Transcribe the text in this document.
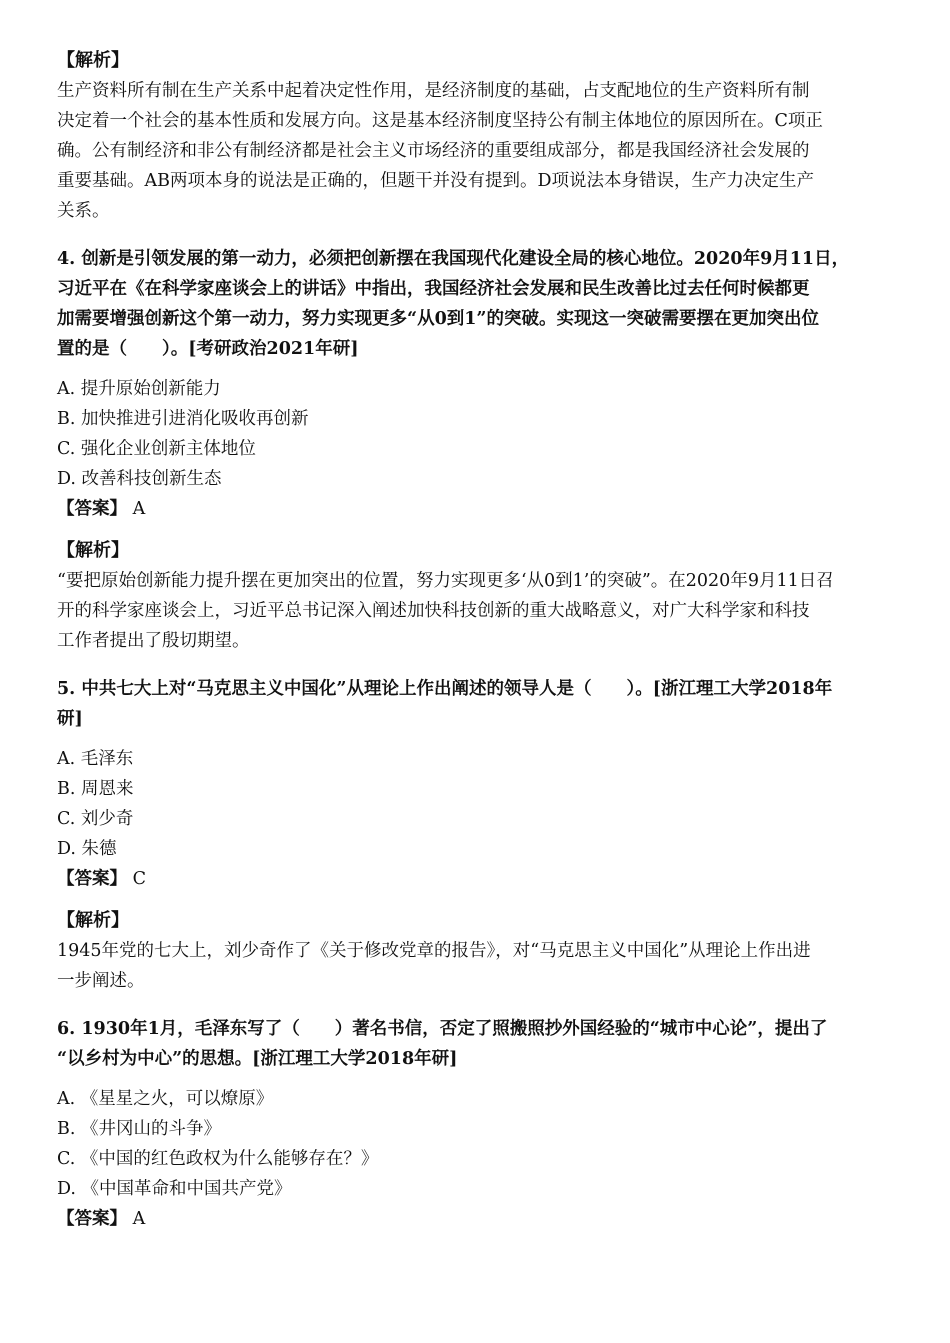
【解析】

生产资料所有制在生产关系中起着决定性作用，是经济制度的基础，占支配地位的生产资料所有制
决定着一个社会的基本性质和发展方向。这是基本经济制度坚持公有制主体地位的原因所在。C项正
确。公有制经济和非公有制经济都是社会主义市场经济的重要组成部分，都是我国经济社会发展的
重要基础。AB两项本身的说法是正确的，但题干并没有提到。D项说法本身错误，生产力决定生产
关系。

4. 创新是引领发展的第一动力，必须把创新摆在我国现代化建设全局的核心地位。2020年9月11日，
习近平在《在科学家座谈会上的讲话》中指出，我国经济社会发展和民生改善比过去任何时候都更
加需要增强创新这个第一动力，努力实现更多“从0到1”的突破。实现这一突破需要摆在更加突出位
置的是（　　）。[考研政治2021年研]

A. 提升原始创新能力
B. 加快推进引进消化吸收再创新
C. 强化企业创新主体地位
D. 改善科技创新生态

【答案】 A

【解析】

“要把原始创新能力提升摆在更加突出的位置，努力实现更多‘从0到1’的突破”。在2020年9月11日召
开的科学家座谈会上，习近平总书记深入阐述加快科技创新的重大战略意义，对广大科学家和科技
工作者提出了殷切期望。

5. 中共七大上对“马克思主义中国化”从理论上作出阐述的领导人是（　　）。[浙江理工大学2018年
研]

A. 毛泽东
B. 周恩来
C. 刘少奇
D. 朱德

【答案】 C

【解析】

1945年党的七大上，刘少奇作了《关于修改党章的报告》，对“马克思主义中国化”从理论上作出进
一步阐述。

6. 1930年1月，毛泽东写了（　　）著名书信，否定了照搬照抄外国经验的“城市中心论”，提出了
“以乡村为中心”的思想。[浙江理工大学2018年研]

A. 《星星之火，可以燎原》
B. 《井冈山的斗争》
C. 《中国的红色政权为什么能够存在？》
D. 《中国革命和中国共产党》

【答案】 A
